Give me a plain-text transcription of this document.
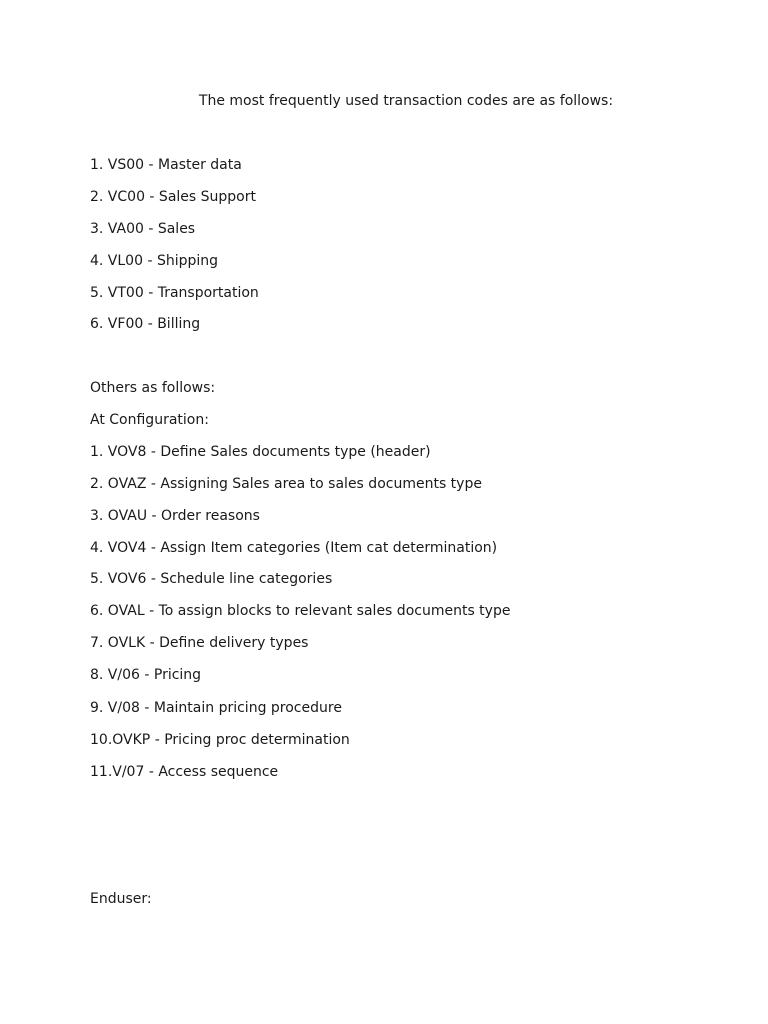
The most frequently used transaction codes are as follows:
1. VS00 - Master data
2. VC00 - Sales Support
3. VA00 - Sales
4. VL00 - Shipping
5. VT00 - Transportation
6. VF00 - Billing
Others as follows:
At Configuration:
1. VOV8 - Define Sales documents type (header)
2. OVAZ - Assigning Sales area to sales documents type
3. OVAU - Order reasons
4. VOV4 - Assign Item categories (Item cat determination)
5. VOV6 - Schedule line categories
6. OVAL - To assign blocks to relevant sales documents type
7. OVLK - Define delivery types
8. V/06 - Pricing
9. V/08 - Maintain pricing procedure
10.OVKP - Pricing proc determination
11.V/07 - Access sequence
Enduser:
